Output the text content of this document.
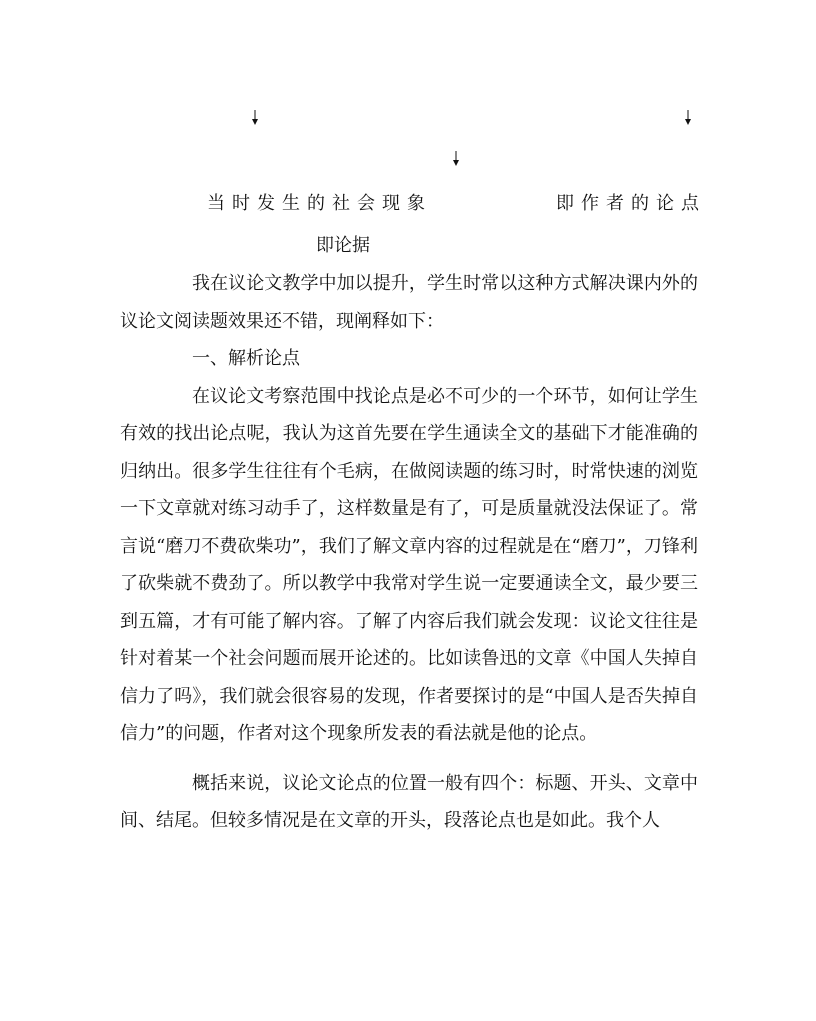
当时发生的社会现象	即作者的论点
即论据

我在议论文教学中加以提升，学生时常以这种方式解决课内外的议论文阅读题效果还不错，现阐释如下：

一、解析论点

在议论文考察范围中找论点是必不可少的一个环节，如何让学生有效的找出论点呢，我认为这首先要在学生通读全文的基础下才能准确的归纳出。很多学生往往有个毛病，在做阅读题的练习时，时常快速的浏览一下文章就对练习动手了，这样数量是有了，可是质量就没法保证了。常言说“磨刀不费砍柴功”，我们了解文章内容的过程就是在“磨刀”，刀锋利了砍柴就不费劲了。所以教学中我常对学生说一定要通读全文，最少要三到五篇，才有可能了解内容。了解了内容后我们就会发现：议论文往往是针对着某一个社会问题而展开论述的。比如读鲁迅的文章《中国人失掉自信力了吗》，我们就会很容易的发现，作者要探讨的是“中国人是否失掉自信力”的问题，作者对这个现象所发表的看法就是他的论点。

概括来说，议论文论点的位置一般有四个：标题、开头、文章中间、结尾。但较多情况是在文章的开头，段落论点也是如此。我个人
